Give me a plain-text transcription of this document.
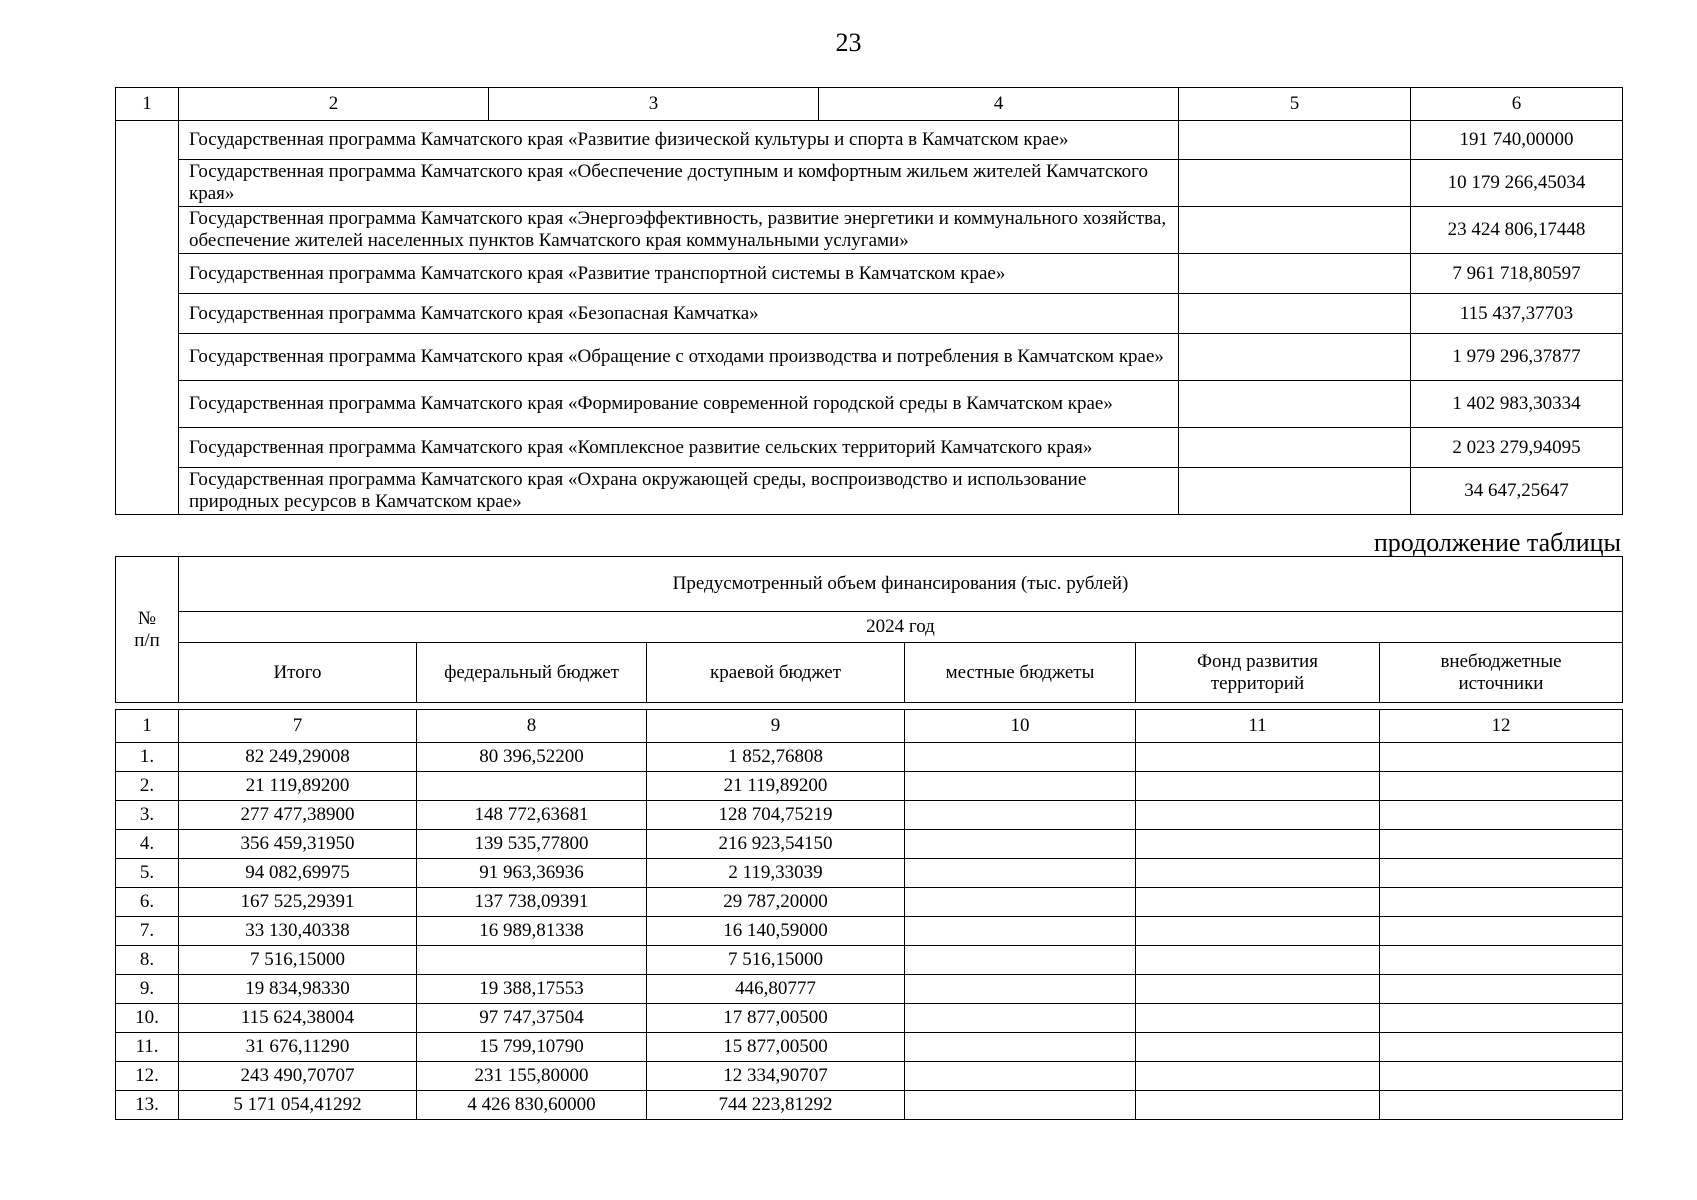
23
1	2	3	4	5	6
	Государственная программа Камчатского края «Развитие физической культуры и спорта в Камчатском крае»				191 740,00000
	Государственная программа Камчатского края «Обеспечение доступным и комфортным жильем жителей Камчатского края»				10 179 266,45034
	Государственная программа Камчатского края «Энергоэффективность, развитие энергетики и коммунального хозяйства, обеспечение жителей населенных пунктов Камчатского края коммунальными услугами»				23 424 806,17448
	Государственная программа Камчатского края «Развитие транспортной системы в Камчатском крае»				7 961 718,80597
	Государственная программа Камчатского края «Безопасная Камчатка»				115 437,37703
	Государственная программа Камчатского края «Обращение с отходами производства и потребления в Камчатском крае»				1 979 296,37877
	Государственная программа Камчатского края «Формирование современной городской среды в Камчатском крае»				1 402 983,30334
	Государственная программа Камчатского края «Комплексное развитие сельских территорий Камчатского края»				2 023 279,94095
	Государственная программа Камчатского края «Охрана окружающей среды, воспроизводство и использование природных ресурсов в Камчатском крае»				34 647,25647
продолжение таблицы
№ п/п	Предусмотренный объем финансирования (тыс. рублей)					
	2024 год					
	Итого	федеральный бюджет	краевой бюджет	местные бюджеты	Фонд развития территорий	внебюджетные источники
1	7	8	9	10	11	12
1.	82 249,29008	80 396,52200	1 852,76808			
2.	21 119,89200		21 119,89200			
3.	277 477,38900	148 772,63681	128 704,75219			
4.	356 459,31950	139 535,77800	216 923,54150			
5.	94 082,69975	91 963,36936	2 119,33039			
6.	167 525,29391	137 738,09391	29 787,20000			
7.	33 130,40338	16 989,81338	16 140,59000			
8.	7 516,15000		7 516,15000			
9.	19 834,98330	19 388,17553	446,80777			
10.	115 624,38004	97 747,37504	17 877,00500			
11.	31 676,11290	15 799,10790	15 877,00500			
12.	243 490,70707	231 155,80000	12 334,90707			
13.	5 171 054,41292	4 426 830,60000	744 223,81292			
